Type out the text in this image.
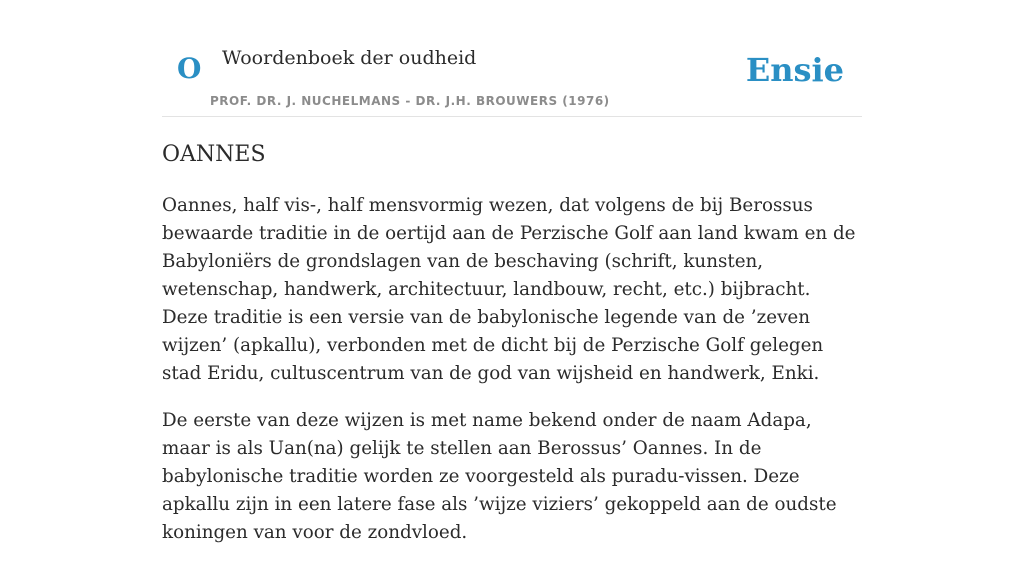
O Woordenboek der oudheid
PROF. DR. J. NUCHELMANS - DR. J.H. BROUWERS (1976)
Ensie
OANNES

Oannes, half vis-, half mensvormig wezen, dat volgens de bij Berossus bewaarde traditie in de oertijd aan de Perzische Golf aan land kwam en de Babyloniërs de grondslagen van de beschaving (schrift, kunsten, wetenschap, handwerk, architectuur, landbouw, recht, etc.) bijbracht. Deze traditie is een versie van de babylonische legende van de ’zeven wijzen’ (apkallu), verbonden met de dicht bij de Perzische Golf gelegen stad Eridu, cultuscentrum van de god van wijsheid en handwerk, Enki.

De eerste van deze wijzen is met name bekend onder de naam Adapa, maar is als Uan(na) gelijk te stellen aan Berossus’ Oannes. In de babylonische traditie worden ze voorgesteld als puradu-vissen. Deze apkallu zijn in een latere fase als ’wijze viziers’ gekoppeld aan de oudste koningen van voor de zondvloed.
